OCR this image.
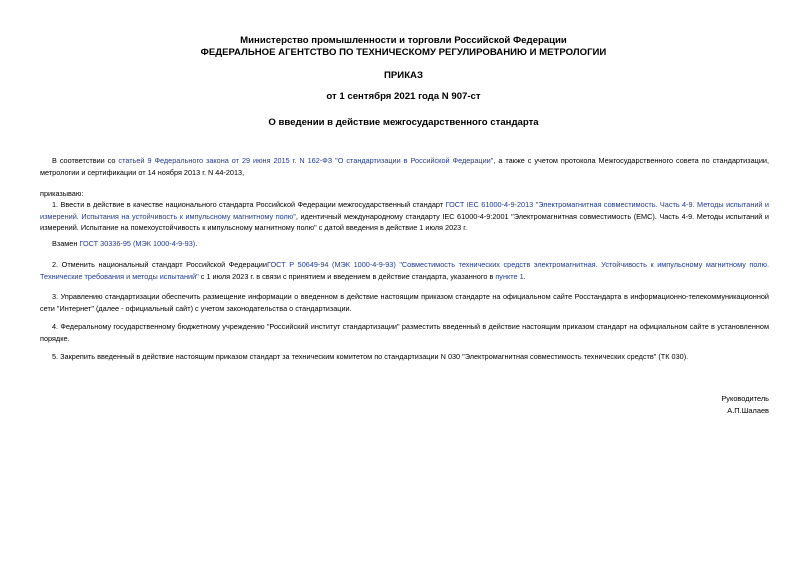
Министерство промышленности и торговли Российской Федерации
ФЕДЕРАЛЬНОЕ АГЕНТСТВО ПО ТЕХНИЧЕСКОМУ РЕГУЛИРОВАНИЮ И МЕТРОЛОГИИ
ПРИКАЗ
от 1 сентября 2021 года N 907-ст
О введении в действие межгосударственного стандарта
В соответствии со статьей 9 Федерального закона от 29 июня 2015 г. N 162-ФЗ "О стандартизации в Российской Федерации", а также с учетом протокола Межгосударственного совета по стандартизации, метрологии и сертификации от 14 ноября 2013 г. N 44-2013,
приказываю:
1. Ввести в действие в качестве национального стандарта Российской Федерации межгосударственный стандарт ГОСТ IEC 61000-4-9-2013 "Электромагнитная совместимость. Часть 4-9. Методы испытаний и измерений. Испытания на устойчивость к импульсному магнитному полю", идентичный международному стандарту IEC 61000-4-9:2001 "Электромагнитная совместимость (ЕМС). Часть 4-9. Методы испытаний и измерений. Испытание на помехоустойчивость к импульсному магнитному полю" с датой введения в действие 1 июля 2023 г.
Взамен ГОСТ 30336-95 (МЭК 1000-4-9-93).
2. Отменить национальный стандарт Российской ФедерацииГОСТ Р 50649-94 (МЭК 1000-4-9-93) "Совместимость технических средств электромагнитная. Устойчивость к импульсному магнитному полю. Технические требования и методы испытаний" с 1 июля 2023 г. в связи с принятием и введением в действие стандарта, указанного в пункте 1.
3. Управлению стандартизации обеспечить размещение информации о введенном в действие настоящим приказом стандарте на официальном сайте Росстандарта в информационно-телекоммуникационной сети "Интернет" (далее - официальный сайт) с учетом законодательства о стандартизации.
4. Федеральному государственному бюджетному учреждению "Российский институт стандартизации" разместить введенный в действие настоящим приказом стандарт на официальном сайте в установленном порядке.
5. Закрепить введенный в действие настоящим приказом стандарт за техническим комитетом по стандартизации N 030 "Электромагнитная совместимость технических средств" (ТК 030).
Руководитель
А.П.Шалаев
